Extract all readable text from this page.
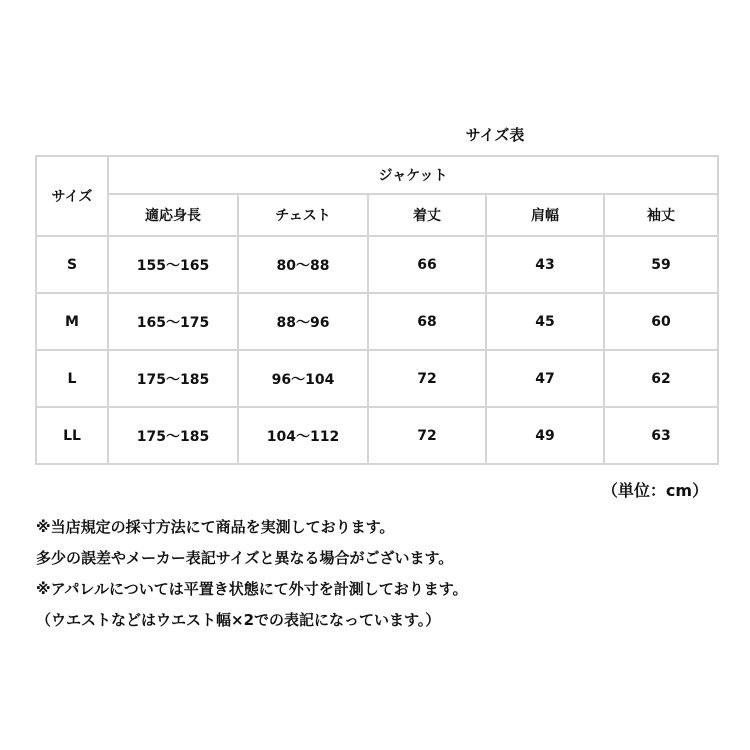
サイズ表
サイズ	ジャケット				
	適応身長	チェスト	着丈	肩幅	袖丈
S	155～165	80～88	66	43	59
M	165～175	88～96	68	45	60
L	175～185	96～104	72	47	62
LL	175～185	104～112	72	49	63
（単位：cm）
※当店規定の採寸方法にて商品を実測しております。
多少の誤差やメーカー表記サイズと異なる場合がございます。
※アパレルについては平置き状態にて外寸を計測しております。
（ウエストなどはウエスト幅×2での表記になっています。）
